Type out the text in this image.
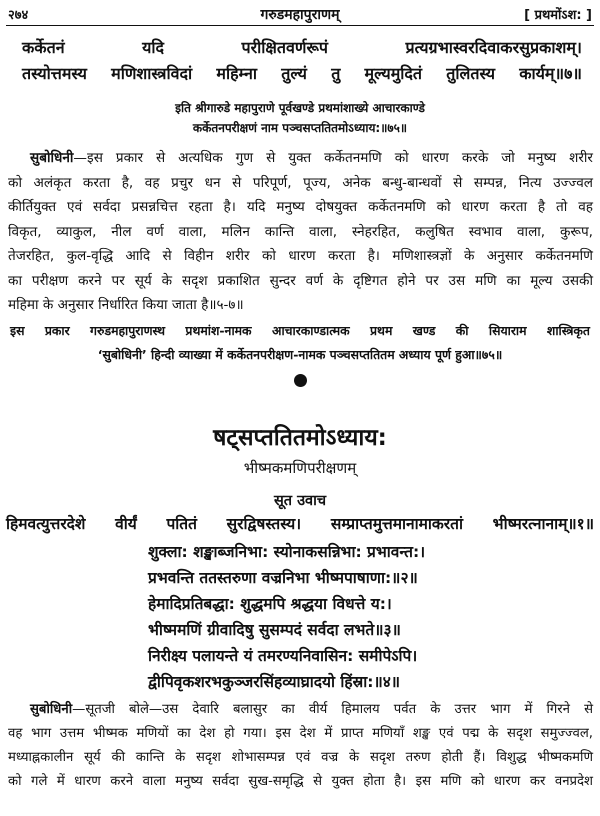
२७४	गरुडमहापुराणम्	[ प्रथमोंऽश: ]
कर्केतनं यदि परीक्षितवर्णरूपं प्रत्यग्रभास्वरदिवाकरसुप्रकाशम्।
तस्योत्तमस्य मणिशास्त्रविदां महिम्ना तुल्यं तु मूल्यमुदितं तुलितस्य कार्यम्॥७॥
इति श्रीगारुडे महापुराणे पूर्वखण्डे प्रथमांशाख्ये आचारकाण्डे
कर्केतनपरीक्षणं नाम पञ्चसप्ततितमोऽध्याय:॥७५॥
सुबोधिनी—इस प्रकार से अत्यधिक गुण से युक्त कर्केतनमणि को धारण करके जो मनुष्य शरीर
को अलंकृत करता है, वह प्रचुर धन से परिपूर्ण, पूज्य, अनेक बन्धु-बान्धवों से सम्पन्न, नित्य उज्ज्वल
कीर्तियुक्त एवं सर्वदा प्रसन्नचित्त रहता है। यदि मनुष्य दोषयुक्त कर्केतनमणि को धारण करता है तो वह
विकृत, व्याकुल, नील वर्ण वाला, मलिन कान्ति वाला, स्नेहरहित, कलुषित स्वभाव वाला, कुरूप,
तेजरहित, कुल-वृद्धि आदि से विहीन शरीर को धारण करता है। मणिशास्त्रज्ञों के अनुसार कर्केतनमणि
का परीक्षण करने पर सूर्य के सदृश प्रकाशित सुन्दर वर्ण के दृष्टिगत होने पर उस मणि का मूल्य उसकी
महिमा के अनुसार निर्धारित किया जाता है॥५-७॥
इस प्रकार गरुडमहापुराणस्थ प्रथमांश-नामक आचारकाण्डात्मक प्रथम खण्ड की सियाराम शास्त्रिकृत
‘सुबोधिनी’ हिन्दी व्याख्या में कर्केतनपरीक्षण-नामक पञ्चसप्ततितम अध्याय पूर्ण हुआ॥७५॥
षट्सप्ततितमोऽध्याय:
भीष्मकमणिपरीक्षणम्
सूत उवाच
हिमवत्युत्तरदेशे वीर्यं पतितं सुरद्विषस्तस्य। सम्प्राप्तमुत्तमानामाकरतां भीष्मरत्नानाम्॥१॥
शुक्ला: शङ्खाब्जनिभा: स्योनाकसन्निभा: प्रभावन्त:।
प्रभवन्ति ततस्तरुणा वज्रनिभा भीष्मपाषाणा:॥२॥
हेमादिप्रतिबद्धा: शुद्धमपि श्रद्धया विधत्ते य:।
भीष्ममणिं ग्रीवादिषु सुसम्पदं सर्वदा लभते॥३॥
निरीक्ष्य पलायन्ते यं तमरण्यनिवासिन: समीपेऽपि।
द्वीपिवृकशरभकुञ्जरसिंहव्याघ्रादयो हिंस्रा:॥४॥
सुबोधिनी—सूतजी बोले—उस देवारि बलासुर का वीर्य हिमालय पर्वत के उत्तर भाग में गिरने से
वह भाग उत्तम भीष्मक मणियों का देश हो गया। इस देश में प्राप्त मणियाँ शङ्ख एवं पद्म के सदृश समुज्ज्वल,
मध्याह्नकालीन सूर्य की कान्ति के सदृश शोभासम्पन्न एवं वज्र के सदृश तरुण होती हैं। विशुद्ध भीष्मकमणि
को गले में धारण करने वाला मनुष्य सर्वदा सुख-समृद्धि से युक्त होता है। इस मणि को धारण कर वनप्रदेश
